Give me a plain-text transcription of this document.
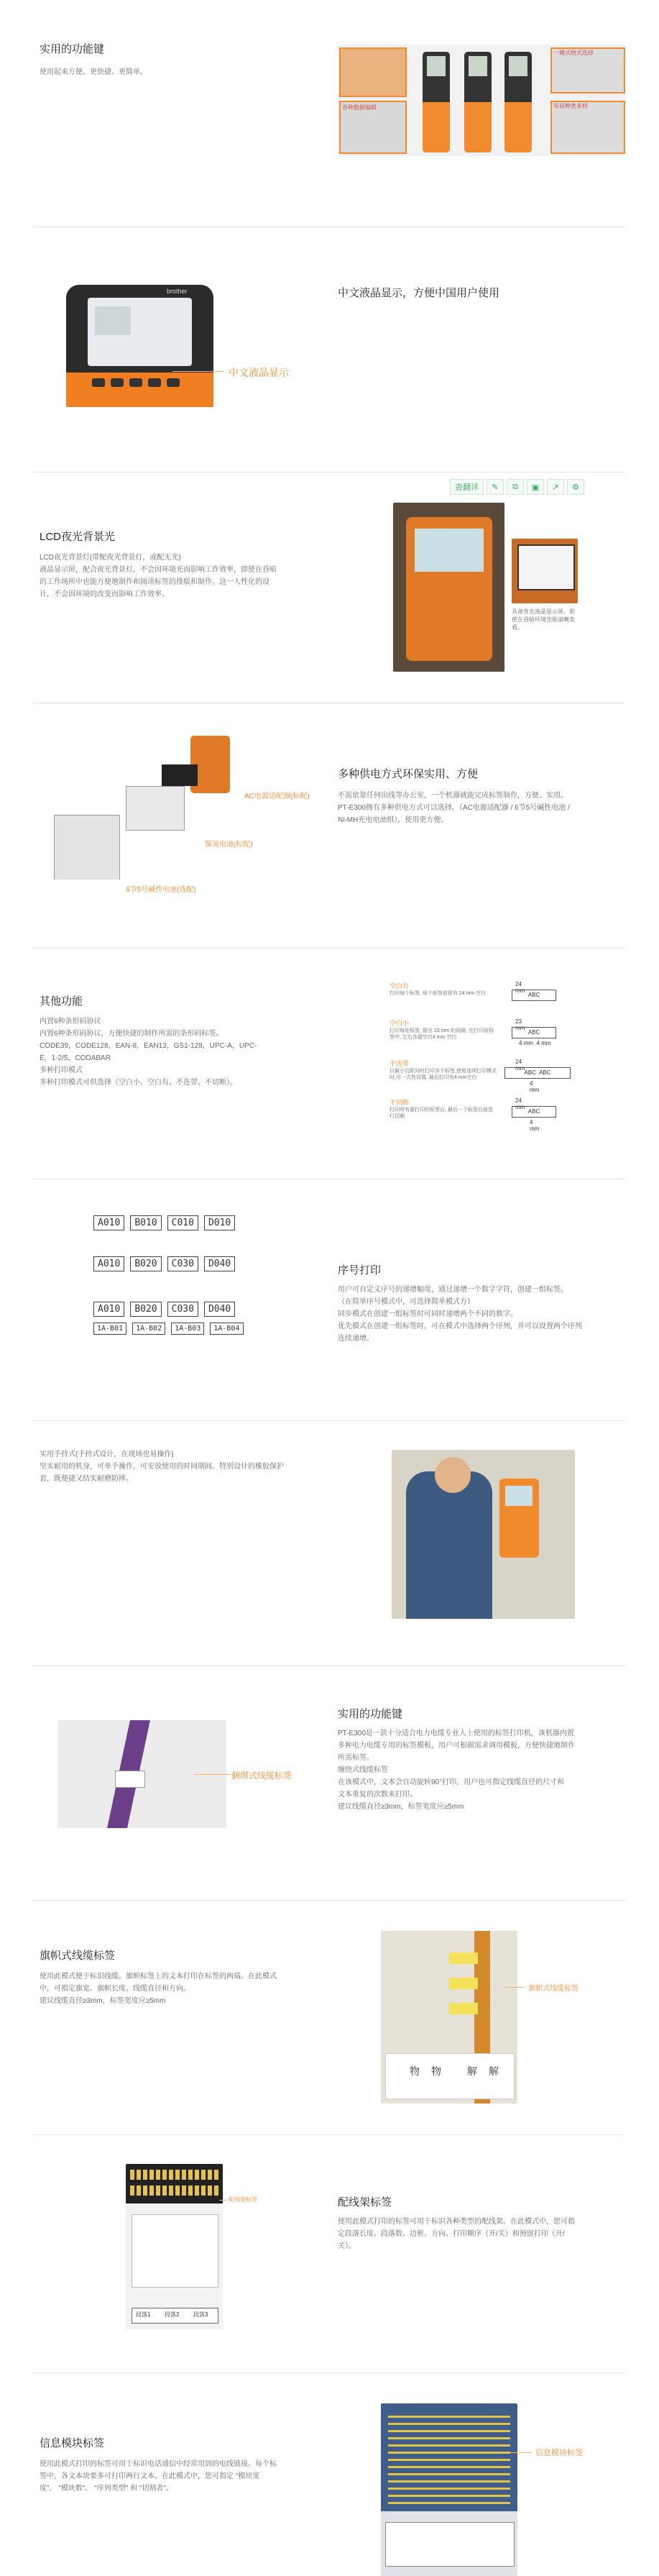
实用的功能键
使用起来方便、更快捷、更简单。
各种数据编辑
一键式格式选择
布局种类多样
brother
中文液晶显示
中文液晶显示，方便中国用户使用
查翻译	✎	⧉	▣	↗	⚙
LCD夜光背景光
LCD夜光背景灯(带配夜光背景灯，或配无光)
液晶显示屏，配合夜光背景灯，不会因环境光而影响工作效率，即使在昏暗
的工作场所中也能方便地制作和阅读标签的排版和制作。这一人性化的设
计，不会因环境的改变而影响工作效率。
具备背光液晶显示屏，即使在昏暗环境也能清晰查看。
AC电源适配器(标配)
镍氢电池(标配)
6节5号碱性电池(选配)
多种供电方式环保实用、方便
不需依靠任何出线等办公室，一个机器就能完成标签制作，方便、实用。
PT-E300拥有多种供电方式可以选择。（AC电源适配器 / 6节5号碱性电池 /
Ni-MH充电电池组），使用更方便。
其他功能
内置6种条形码协议
内置6种条形码协议，方便快捷的制作所需的条形码标签。
CODE39，CODE128，EAN-8，EAN13，GS1-128，UPC-A，UPC-
E，1-2/5，CODABAR
多种打印模式
多种打印模式可供选择（空白小、空白有、不连带、不切断）。
空白有
打印每个标签, 每个标签前留有 24 mm 空白
24 mm
ABC
空白小
打印每处标签, 留出 23 mm 的间隔, 在打印前标签中, 左右各留空白4 mm 空白
23 mm
ABC
4 mm  4 mm
不连带
以最小边距同时打印多个标签,使用连续打印模式时,可一次性设置, 最后打印有4 mm空白
24 mm
ABC  ABC
4 mm
不切断
打印所有要打印的标签后, 最后一个标签后面进行切割
24 mm
ABC
4 mm
A010 B010 C010 D010
A010 B020 C030 D040
A010 B020 C030 D040
1A-B01 1A-B02 1A-B03 1A-B04
序号打印
用户可自定义序号的递增幅度，通过递增一个数字字符，创建一组标签。
（在简单序号模式中，可选择简单模式方）
同步模式在创建一组标签时可同时递增两个不同的数字。
优先模式在创建一组标签时，可在模式中选择两个序列，并可以设置两个序列
连续递增。
实用手持式(手持式设计，在现场也易操作)
坚实耐用的机身，可单手操作，可安放使用的时间期间。特别设计的橡胶保护
套，既便捷又结实耐磨防摔。
捆绑式线缆标签
实用的功能键
PT-E300是一款十分适合电力电缆专业人士使用的标签打印机，该机器内置
多种电力电缆专用的标签模板，用户可根据需求调用模板，方便快捷地制作
所需标签。
缠绕式线缆标签
在该模式中，文本会自动旋转90°打印，用户也可指定线缆直径的尺寸和
文本重复的次数来打印。
建议线缆直径≥3mm，标签宽度应≥5mm
旗帜式线缆标签
使用此模式便于标识线缆。旗帜标签上的文本打印在标签的两端。在此模式
中，可指定旗宽、旗帜长度、线缆直径和方向。
建议线缆直径≥3mm，标签宽度应≥5mm
物 物	解 解
旗帜式线缆标签
段落1 段落2 段落3
配线架标签	配线架标签
使用此模式打印的标签可用于标识各种类型的配线架。在此模式中，您可指
定段落长度、段落数、边框、方向、打印顺序（开/关）和预留打印（开/
关）。
信息模块标签
使用此模式打印的标签可用于标识电话通信中经常用到的电线链接。每个标
签中，各文本块要多可打印两行文本。在此模式中，您可指定 "模块宽
度"、 "模块数"、 "序列类型" 和 "切割者"。
信息模块标签
